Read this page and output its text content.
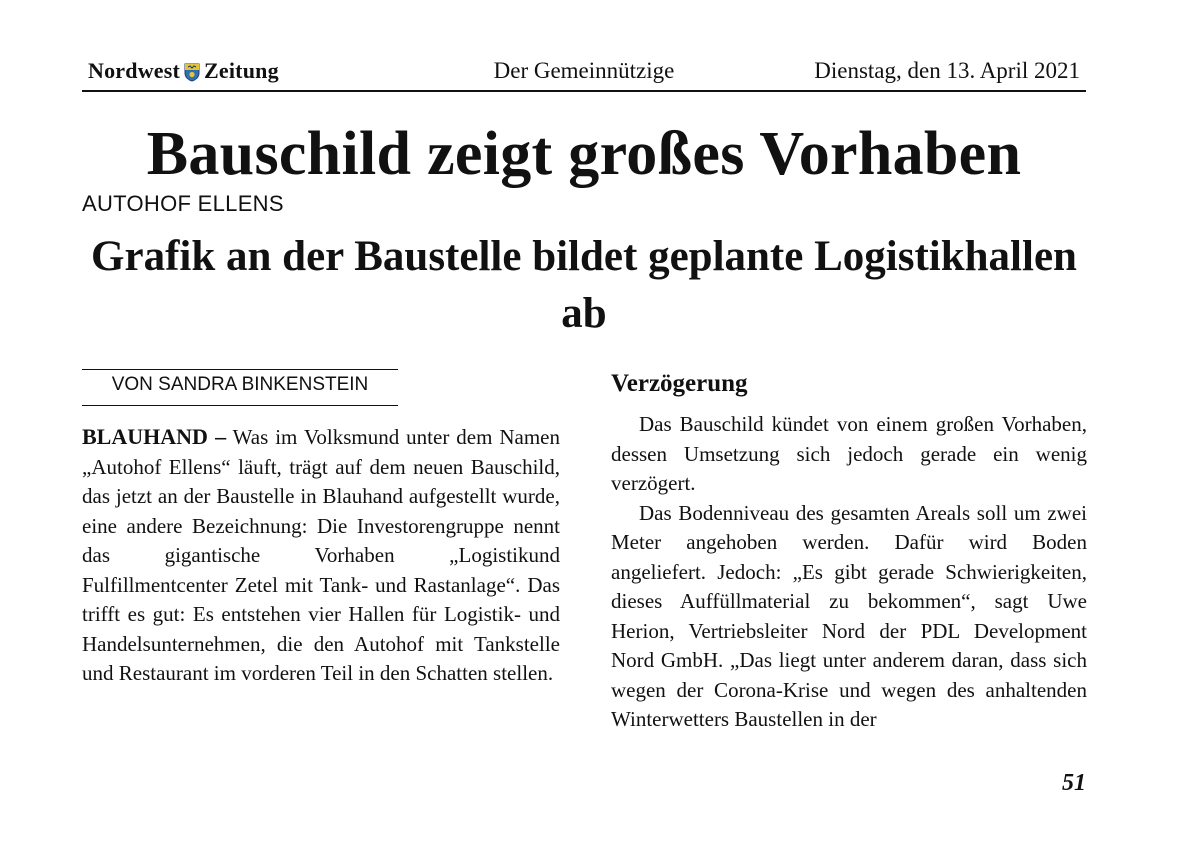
Nordwest Zeitung	Der Gemeinnützige	Dienstag, den 13. April 2021
Bauschild zeigt großes Vorhaben
AUTOHOF ELLENS
Grafik an der Baustelle bildet geplante Logistikhallen ab
VON SANDRA BINKENSTEIN

BLAUHAND – Was im Volksmund unter dem Namen „Autohof Ellens“ läuft, trägt auf dem neuen Bauschild, das jetzt an der Baustelle in Blauhand aufgestellt wurde, eine andere Bezeichnung: Die Investorengruppe nennt das gigantische Vorhaben „Logistikund Fulfillmentcenter Zetel mit Tank- und Rastanlage“. Das trifft es gut: Es entstehen vier Hallen für Logistik- und Handelsunternehmen, die den Autohof mit Tankstelle und Restaurant im vorderen Teil in den Schatten stellen.

Verzögerung

Das Bauschild kündet von einem großen Vorhaben, dessen Umsetzung sich jedoch gerade ein wenig verzögert.

Das Bodenniveau des gesamten Areals soll um zwei Meter angehoben werden. Dafür wird Boden angeliefert. Jedoch: „Es gibt gerade Schwierigkeiten, dieses Auffüllmaterial zu bekommen“, sagt Uwe Herion, Vertriebsleiter Nord der PDL Development Nord GmbH. „Das liegt unter anderem daran, dass sich wegen der Corona-Krise und wegen des anhaltenden Winterwetters Baustellen in der

51
